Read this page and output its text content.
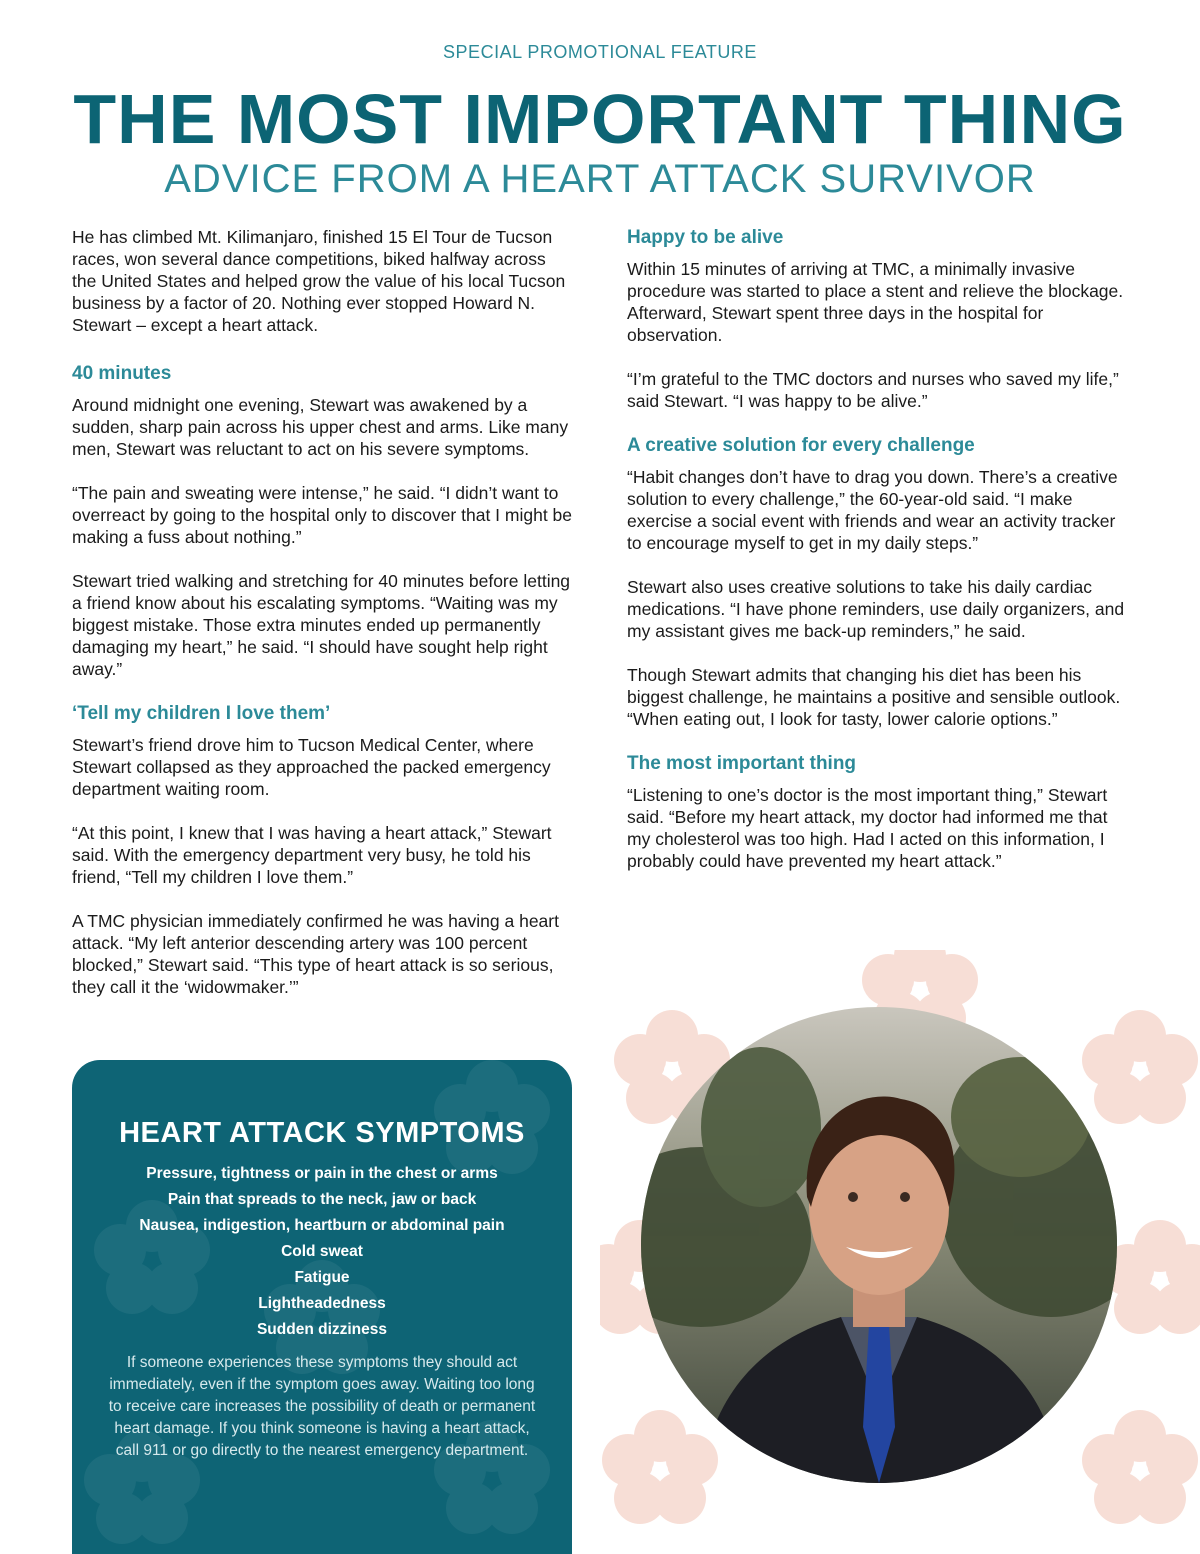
SPECIAL PROMOTIONAL FEATURE
THE MOST IMPORTANT THING
ADVICE FROM A HEART ATTACK SURVIVOR

He has climbed Mt. Kilimanjaro, finished 15 El Tour de Tucson races, won several dance competitions, biked halfway across the United States and helped grow the value of his local Tucson business by a factor of 20. Nothing ever stopped Howard N. Stewart – except a heart attack.

40 minutes

Around midnight one evening, Stewart was awakened by a sudden, sharp pain across his upper chest and arms. Like many men, Stewart was reluctant to act on his severe symptoms.

“The pain and sweating were intense,” he said. “I didn’t want to overreact by going to the hospital only to discover that I might be making a fuss about nothing.”

Stewart tried walking and stretching for 40 minutes before letting a friend know about his escalating symptoms. “Waiting was my biggest mistake. Those extra minutes ended up permanently damaging my heart,” he said. “I should have sought help right away.”

‘Tell my children I love them’

Stewart’s friend drove him to Tucson Medical Center, where Stewart collapsed as they approached the packed emergency department waiting room.

“At this point, I knew that I was having a heart attack,” Stewart said. With the emergency department very busy, he told his friend, “Tell my children I love them.”

A TMC physician immediately confirmed he was having a heart attack. “My left anterior descending artery was 100 percent blocked,” Stewart said. “This type of heart attack is so serious, they call it the ‘widowmaker.’”

Happy to be alive

Within 15 minutes of arriving at TMC, a minimally invasive procedure was started to place a stent and relieve the blockage. Afterward, Stewart spent three days in the hospital for observation.

“I’m grateful to the TMC doctors and nurses who saved my life,” said Stewart. “I was happy to be alive.”

A creative solution for every challenge

“Habit changes don’t have to drag you down. There’s a creative solution to every challenge,” the 60-year-old said. “I make exercise a social event with friends and wear an activity tracker to encourage myself to get in my daily steps.”

Stewart also uses creative solutions to take his daily cardiac medications. “I have phone reminders, use daily organizers, and my assistant gives me back-up reminders,” he said.

Though Stewart admits that changing his diet has been his biggest challenge, he maintains a positive and sensible outlook. “When eating out, I look for tasty, lower calorie options.”

The most important thing

“Listening to one’s doctor is the most important thing,” Stewart said. “Before my heart attack, my doctor had informed me that my cholesterol was too high. Had I acted on this information, I probably could have prevented my heart attack.”

HEART ATTACK SYMPTOMS
Pressure, tightness or pain in the chest or arms
Pain that spreads to the neck, jaw or back
Nausea, indigestion, heartburn or abdominal pain
Cold sweat
Fatigue
Lightheadedness
Sudden dizziness

If someone experiences these symptoms they should act immediately, even if the symptom goes away. Waiting too long to receive care increases the possibility of death or permanent heart damage. If you think someone is having a heart attack, call 911 or go directly to the nearest emergency department.
